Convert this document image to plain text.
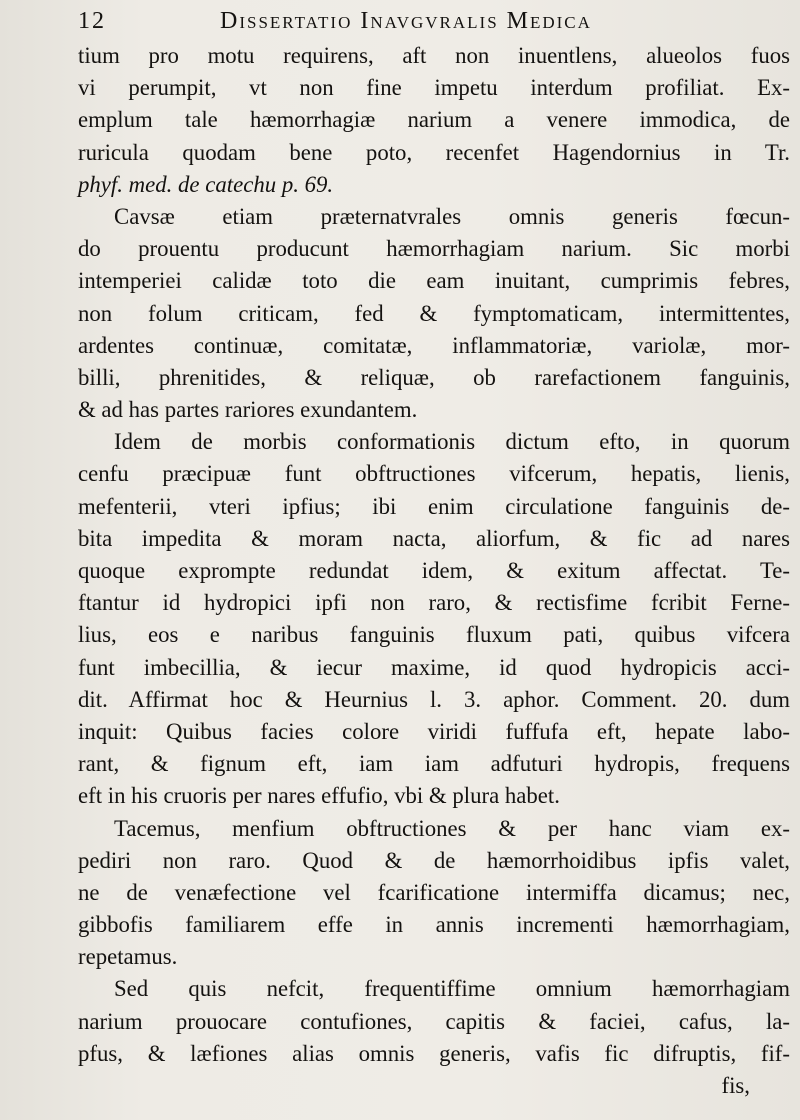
12	Dissertatio Inavgvralis Medica
tium pro motu requirens, aft non inuentlens, alueolos fuos
vi perumpit, vt non fine impetu interdum profiliat. Ex-
emplum tale hæmorrhagiæ narium a venere immodica, de
ruricula quodam bene poto, recenfet Hagendornius in Tr.
phyf. med. de catechu p. 69.
Cavsæ etiam præternatvrales omnis generis fœcun-
do prouentu producunt hæmorrhagiam narium. Sic morbi
intemperiei calidæ toto die eam inuitant, cumprimis febres,
non folum criticam, fed & fymptomaticam, intermittentes,
ardentes continuæ, comitatæ, inflammatoriæ, variolæ, mor-
billi, phrenitides, & reliquæ, ob rarefactionem fanguinis,
& ad has partes rariores exundantem.
Idem de morbis conformationis dictum efto, in quorum
cenfu præcipuæ funt obftructiones vifcerum, hepatis, lienis,
mefenterii, vteri ipfius; ibi enim circulatione fanguinis de-
bita impedita & moram nacta, aliorfum, & fic ad nares
quoque exprompte redundat idem, & exitum affectat. Te-
ftantur id hydropici ipfi non raro, & rectisfime fcribit Ferne-
lius, eos e naribus fanguinis fluxum pati, quibus vifcera
funt imbecillia, & iecur maxime, id quod hydropicis acci-
dit. Affirmat hoc & Heurnius l. 3. aphor. Comment. 20. dum
inquit: Quibus facies colore viridi fuffufa eft, hepate labo-
rant, & fignum eft, iam iam adfuturi hydropis, frequens
eft in his cruoris per nares effufio, vbi & plura habet.
Tacemus, menfium obftructiones & per hanc viam ex-
pediri non raro. Quod & de hæmorrhoidibus ipfis valet,
ne de venæfectione vel fcarificatione intermiffa dicamus; nec,
gibbofis familiarem effe in annis incrementi hæmorrhagiam,
repetamus.
Sed quis nefcit, frequentiffime omnium hæmorrhagiam
narium prouocare contufiones, capitis & faciei, cafus, la-
pfus, & læfiones alias omnis generis, vafis fic difruptis, fif-
fis,
